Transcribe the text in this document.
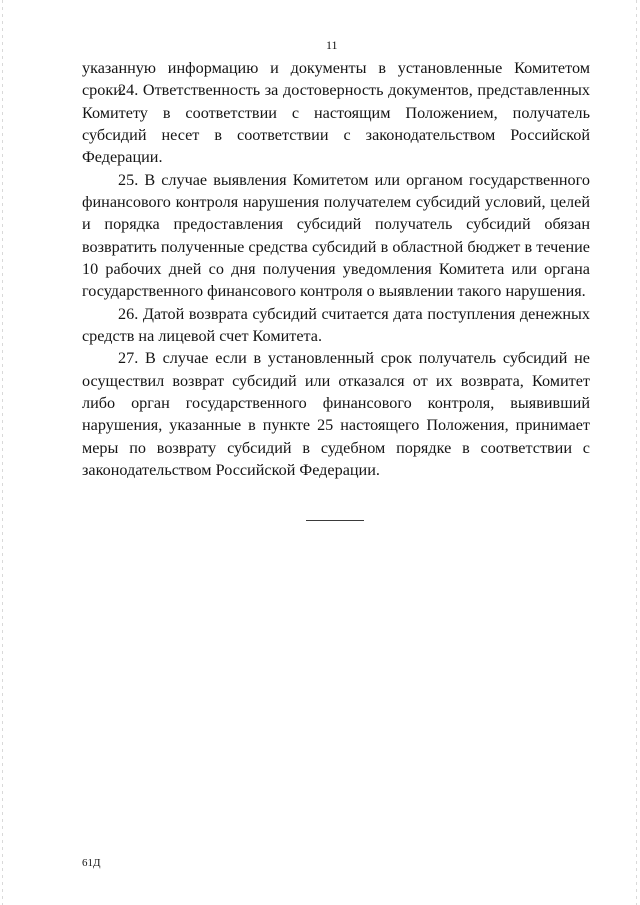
11
указанную информацию и документы в установленные Комитетом сроки.
24. Ответственность за достоверность документов, представленных
Комитету в соответствии с настоящим Положением, получатель
субсидий несет в соответствии с законодательством Российской
Федерации.
25. В случае выявления Комитетом или органом государственного
финансового контроля нарушения получателем субсидий условий, целей
и порядка предоставления субсидий получатель субсидий обязан
возвратить полученные средства субсидий в областной бюджет в течение
10 рабочих дней со дня получения уведомления Комитета или органа
государственного финансового контроля о выявлении такого нарушения.
26. Датой возврата субсидий считается дата поступления денежных
средств на лицевой счет Комитета.
27. В случае если в установленный срок получатель субсидий не
осуществил возврат субсидий или отказался от их возврата, Комитет
либо орган государственного финансового контроля, выявивший
нарушения, указанные в пункте 25 настоящего Положения, принимает
меры по возврату субсидий в судебном порядке в соответствии с
законодательством Российской Федерации.
61Д
